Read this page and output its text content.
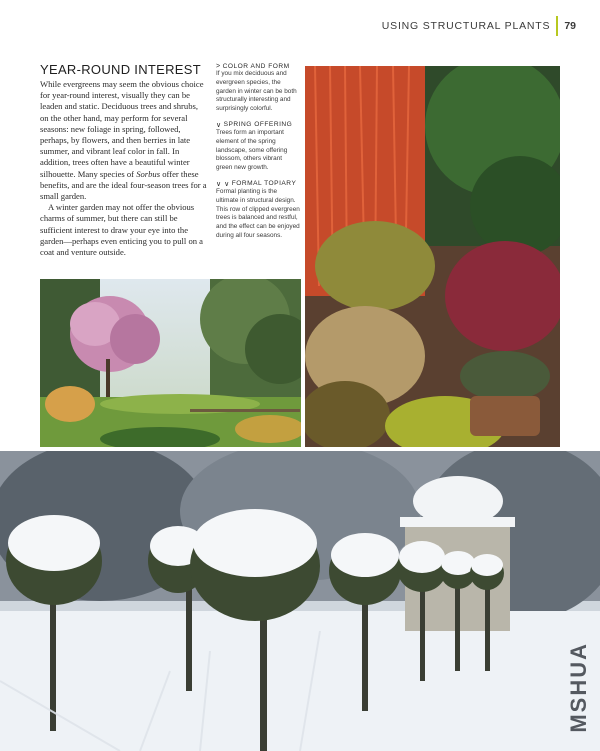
USING STRUCTURAL PLANTS 79
YEAR-ROUND INTEREST

While evergreens may seem the obvious choice for year-round interest, visually they can be leaden and static. Deciduous trees and shrubs, on the other hand, may perform for several seasons: new foliage in spring, followed, perhaps, by flowers, and then berries in late summer, and vibrant leaf color in fall. In addition, trees often have a beautiful winter silhouette. Many species of Sorbus offer these benefits, and are the ideal four-season trees for a small garden.

A winter garden may not offer the obvious charms of summer, but there can still be sufficient interest to draw your eye into the garden—perhaps even enticing you to pull on a coat and venture outside.

> COLOR AND FORM
If you mix deciduous and evergreen species, the garden in winter can be both structurally interesting and surprisingly colorful.
∨ SPRING OFFERING
Trees form an important element of the spring landscape, some offering blossom, others vibrant green new growth.
∨ ∨ FORMAL TOPIARY
Formal planting is the ultimate in structural design. This row of clipped evergreen trees is balanced and restful, and the effect can be enjoyed during all four seasons.
MSHUA
